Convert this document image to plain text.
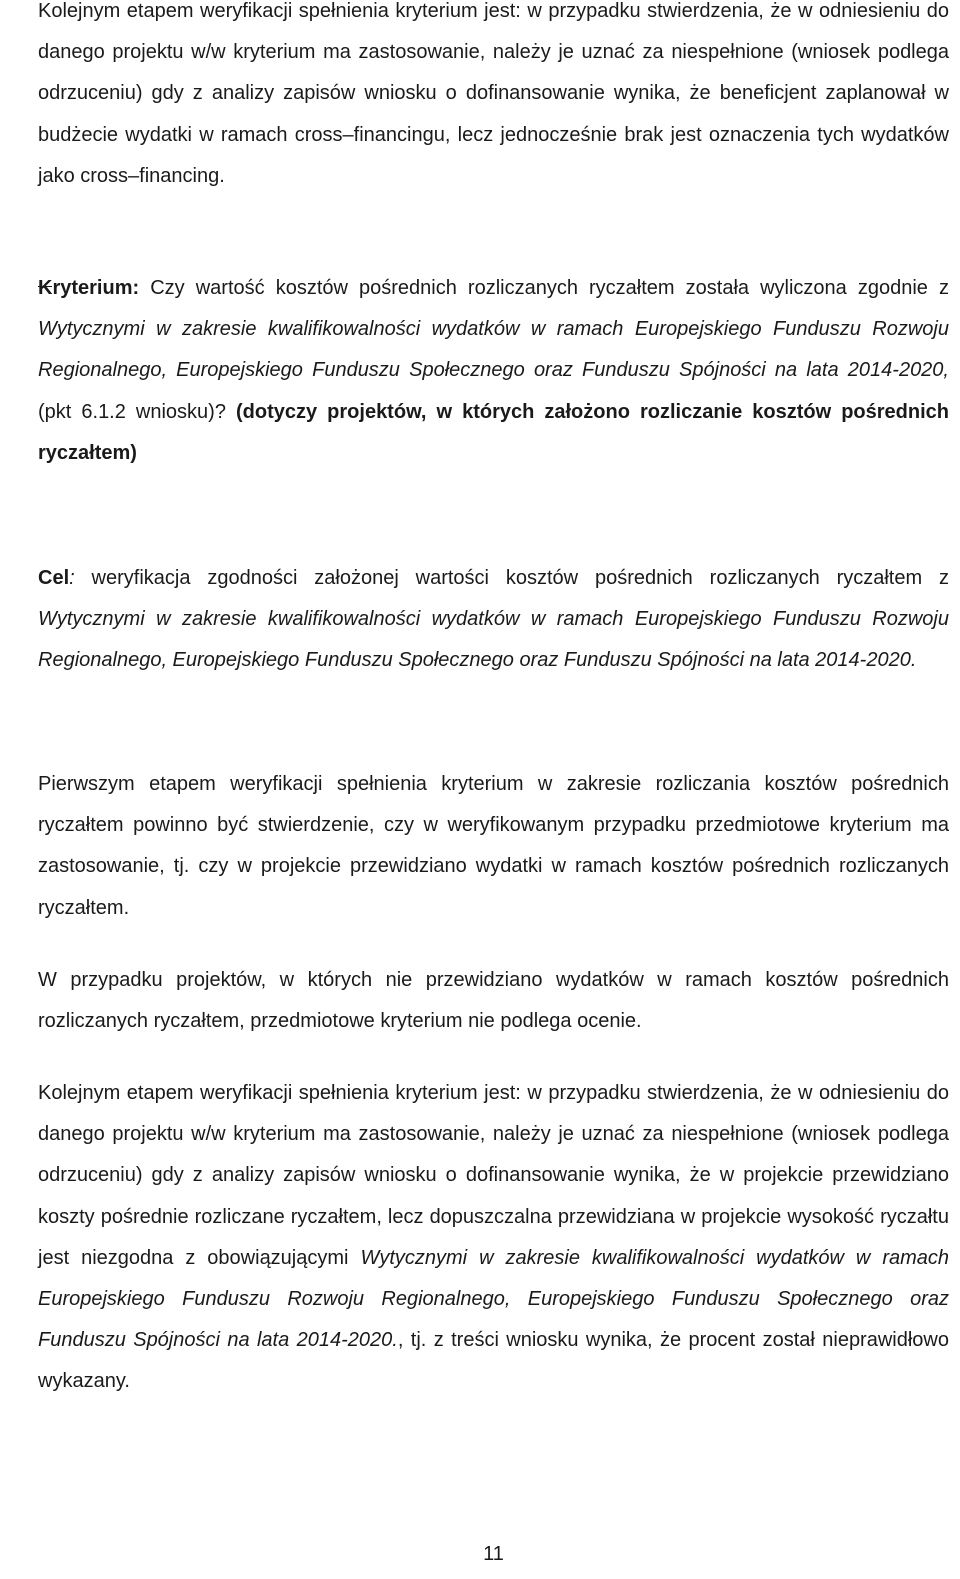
Kolejnym etapem weryfikacji spełnienia kryterium jest: w przypadku stwierdzenia, że w odniesieniu do danego projektu w/w kryterium ma zastosowanie, należy je uznać za niespełnione (wniosek podlega odrzuceniu) gdy z analizy zapisów wniosku o dofinansowanie wynika, że beneficjent zaplanował w budżecie wydatki w ramach cross–financingu, lecz jednocześnie brak jest oznaczenia tych wydatków jako cross–financing.

Kryterium: Czy wartość kosztów pośrednich rozliczanych ryczałtem została wyliczona zgodnie z Wytycznymi w zakresie kwalifikowalności wydatków w ramach Europejskiego Funduszu Rozwoju Regionalnego, Europejskiego Funduszu Społecznego oraz Funduszu Spójności na lata 2014-2020, (pkt 6.1.2 wniosku)? (dotyczy projektów, w których założono rozliczanie kosztów pośrednich ryczałtem)

Cel: weryfikacja zgodności założonej wartości kosztów pośrednich rozliczanych ryczałtem z Wytycznymi w zakresie kwalifikowalności wydatków w ramach Europejskiego Funduszu Rozwoju Regionalnego, Europejskiego Funduszu Społecznego oraz Funduszu Spójności na lata 2014-2020.

Pierwszym etapem weryfikacji spełnienia kryterium w zakresie rozliczania kosztów pośrednich ryczałtem powinno być stwierdzenie, czy w weryfikowanym przypadku przedmiotowe kryterium ma zastosowanie, tj. czy w projekcie przewidziano wydatki w ramach kosztów pośrednich rozliczanych ryczałtem.

W przypadku projektów, w których nie przewidziano wydatków w ramach kosztów pośrednich rozliczanych ryczałtem, przedmiotowe kryterium nie podlega ocenie.

Kolejnym etapem weryfikacji spełnienia kryterium jest: w przypadku stwierdzenia, że w odniesieniu do danego projektu w/w kryterium ma zastosowanie, należy je uznać za niespełnione (wniosek podlega odrzuceniu) gdy z analizy zapisów wniosku o dofinansowanie wynika, że w projekcie przewidziano koszty pośrednie rozliczane ryczałtem, lecz dopuszczalna przewidziana w projekcie wysokość ryczałtu jest niezgodna z obowiązującymi Wytycznymi w zakresie kwalifikowalności wydatków w ramach Europejskiego Funduszu Rozwoju Regionalnego, Europejskiego Funduszu Społecznego oraz Funduszu Spójności na lata 2014-2020., tj. z treści wniosku wynika, że procent został nieprawidłowo wykazany.

11
